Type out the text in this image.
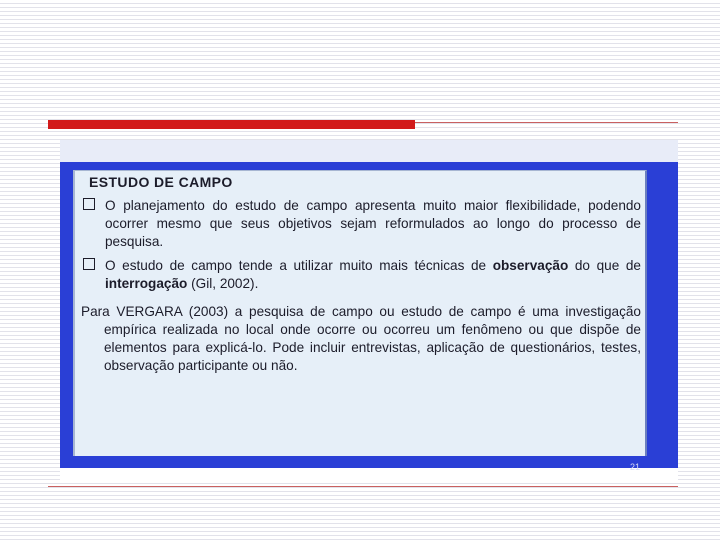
ESTUDO DE CAMPO

O planejamento do estudo de campo apresenta muito maior flexibilidade, podendo ocorrer mesmo que seus objetivos sejam reformulados ao longo do processo de pesquisa.

O estudo de campo tende a utilizar muito mais técnicas de observação do que de interrogação (Gil, 2002).

Para VERGARA (2003) a pesquisa de campo ou estudo de campo é uma investigação empírica realizada no local onde ocorre ou ocorreu um fenômeno ou que dispõe de elementos para explicá-lo. Pode incluir entrevistas, aplicação de questionários, testes, observação participante ou não.

21
